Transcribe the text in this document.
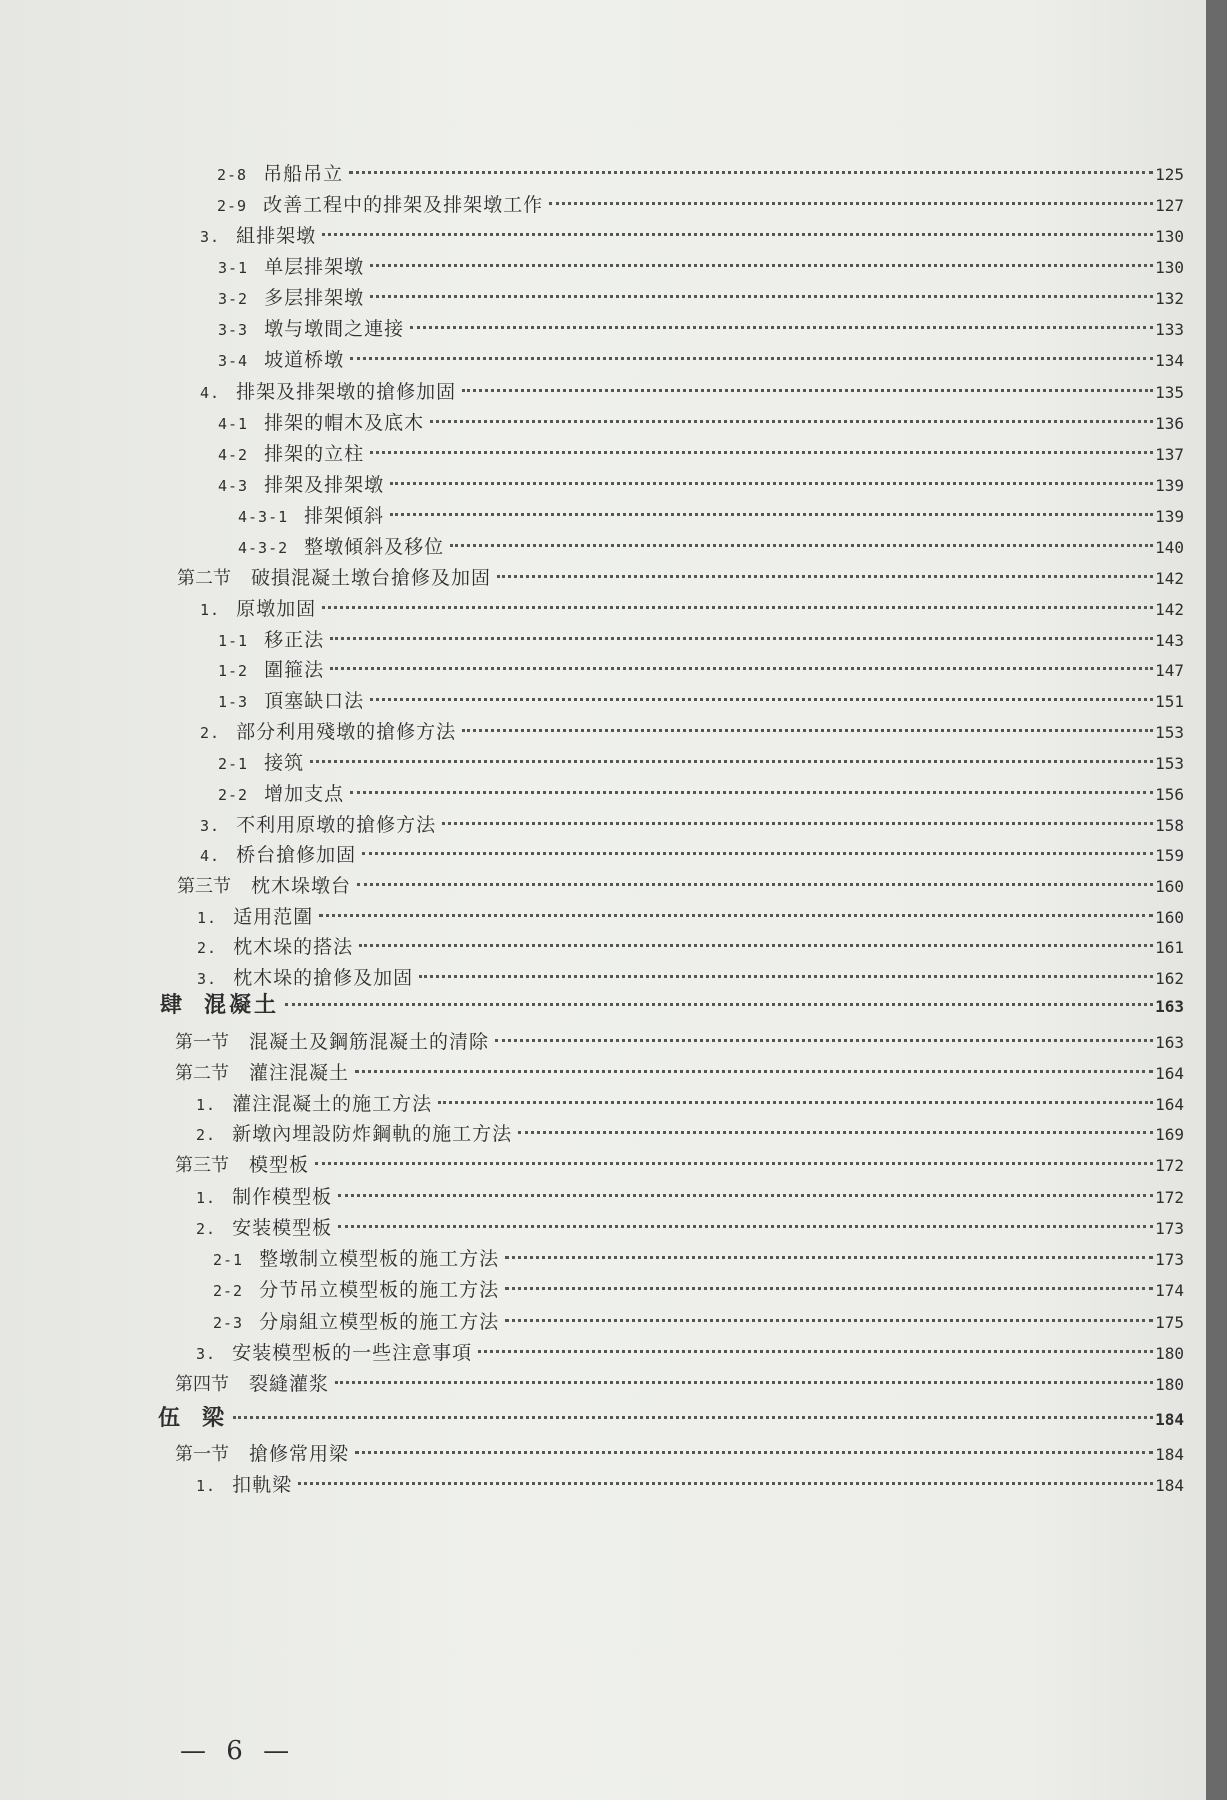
2-8 吊船吊立	125
2-9 改善工程中的排架及排架墩工作	127
3. 組排架墩	130
3-1 单层排架墩	130
3-2 多层排架墩	132
3-3 墩与墩間之連接	133
3-4 坡道桥墩	134
4. 排架及排架墩的搶修加固	135
4-1 排架的帽木及底木	136
4-2 排架的立柱	137
4-3 排架及排架墩	139
4-3-1 排架傾斜	139
4-3-2 整墩傾斜及移位	140
第二节 破損混凝土墩台搶修及加固	142
1. 原墩加固	142
1-1 移正法	143
1-2 圍箍法	147
1-3 頂塞缺口法	151
2. 部分利用殘墩的搶修方法	153
2-1 接筑	153
2-2 增加支点	156
3. 不利用原墩的搶修方法	158
4. 桥台搶修加固	159
第三节 枕木垛墩台	160
1. 适用范圍	160
2. 枕木垛的搭法	161
3. 枕木垛的搶修及加固	162
肆 混凝土	163
第一节 混凝土及鋼筋混凝土的清除	163
第二节 灌注混凝土	164
1. 灌注混凝土的施工方法	164
2. 新墩內埋設防炸鋼軌的施工方法	169
第三节 模型板	172
1. 制作模型板	172
2. 安装模型板	173
2-1 整墩制立模型板的施工方法	173
2-2 分节吊立模型板的施工方法	174
2-3 分扇組立模型板的施工方法	175
3. 安装模型板的一些注意事項	180
第四节 裂縫灌浆	180
伍 梁	184
第一节 搶修常用梁	184
1. 扣軌梁	184
— 6 —
